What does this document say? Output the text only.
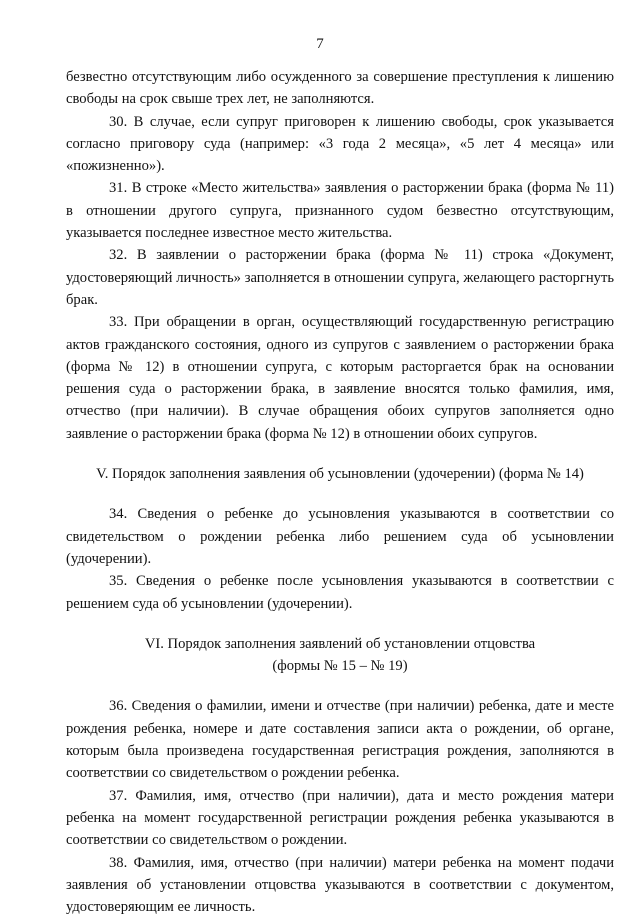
7

безвестно отсутствующим либо осужденного за совершение преступления к лишению свободы на срок свыше трех лет, не заполняются.

30. В случае, если супруг приговорен к лишению свободы, срок указывается согласно приговору суда (например: «3 года 2 месяца», «5 лет 4 месяца» или «пожизненно»).

31. В строке «Место жительства» заявления о расторжении брака (форма № 11) в отношении другого супруга, признанного судом безвестно отсутствующим, указывается последнее известное место жительства.

32. В заявлении о расторжении брака (форма № 11) строка «Документ, удостоверяющий личность» заполняется в отношении супруга, желающего расторгнуть брак.

33. При обращении в орган, осуществляющий государственную регистрацию актов гражданского состояния, одного из супругов с заявлением о расторжении брака (форма № 12) в отношении супруга, с которым расторгается брак на основании решения суда о расторжении брака, в заявление вносятся только фамилия, имя, отчество (при наличии). В случае обращения обоих супругов заполняется одно заявление о расторжении брака (форма № 12) в отношении обоих супругов.

V. Порядок заполнения заявления об усыновлении (удочерении) (форма № 14)

34. Сведения о ребенке до усыновления указываются в соответствии со свидетельством о рождении ребенка либо решением суда об усыновлении (удочерении).

35. Сведения о ребенке после усыновления указываются в соответствии с решением суда об усыновлении (удочерении).

VI. Порядок заполнения заявлений об установлении отцовства
(формы № 15 – № 19)

36. Сведения о фамилии, имени и отчестве (при наличии) ребенка, дате и месте рождения ребенка, номере и дате составления записи акта о рождении, об органе, которым была произведена государственная регистрация рождения, заполняются в соответствии со свидетельством о рождении ребенка.

37. Фамилия, имя, отчество (при наличии), дата и место рождения матери ребенка на момент государственной регистрации рождения ребенка указываются в соответствии со свидетельством о рождении.

38. Фамилия, имя, отчество (при наличии) матери ребенка на момент подачи заявления об установлении отцовства указываются в соответствии с документом, удостоверяющим ее личность.
